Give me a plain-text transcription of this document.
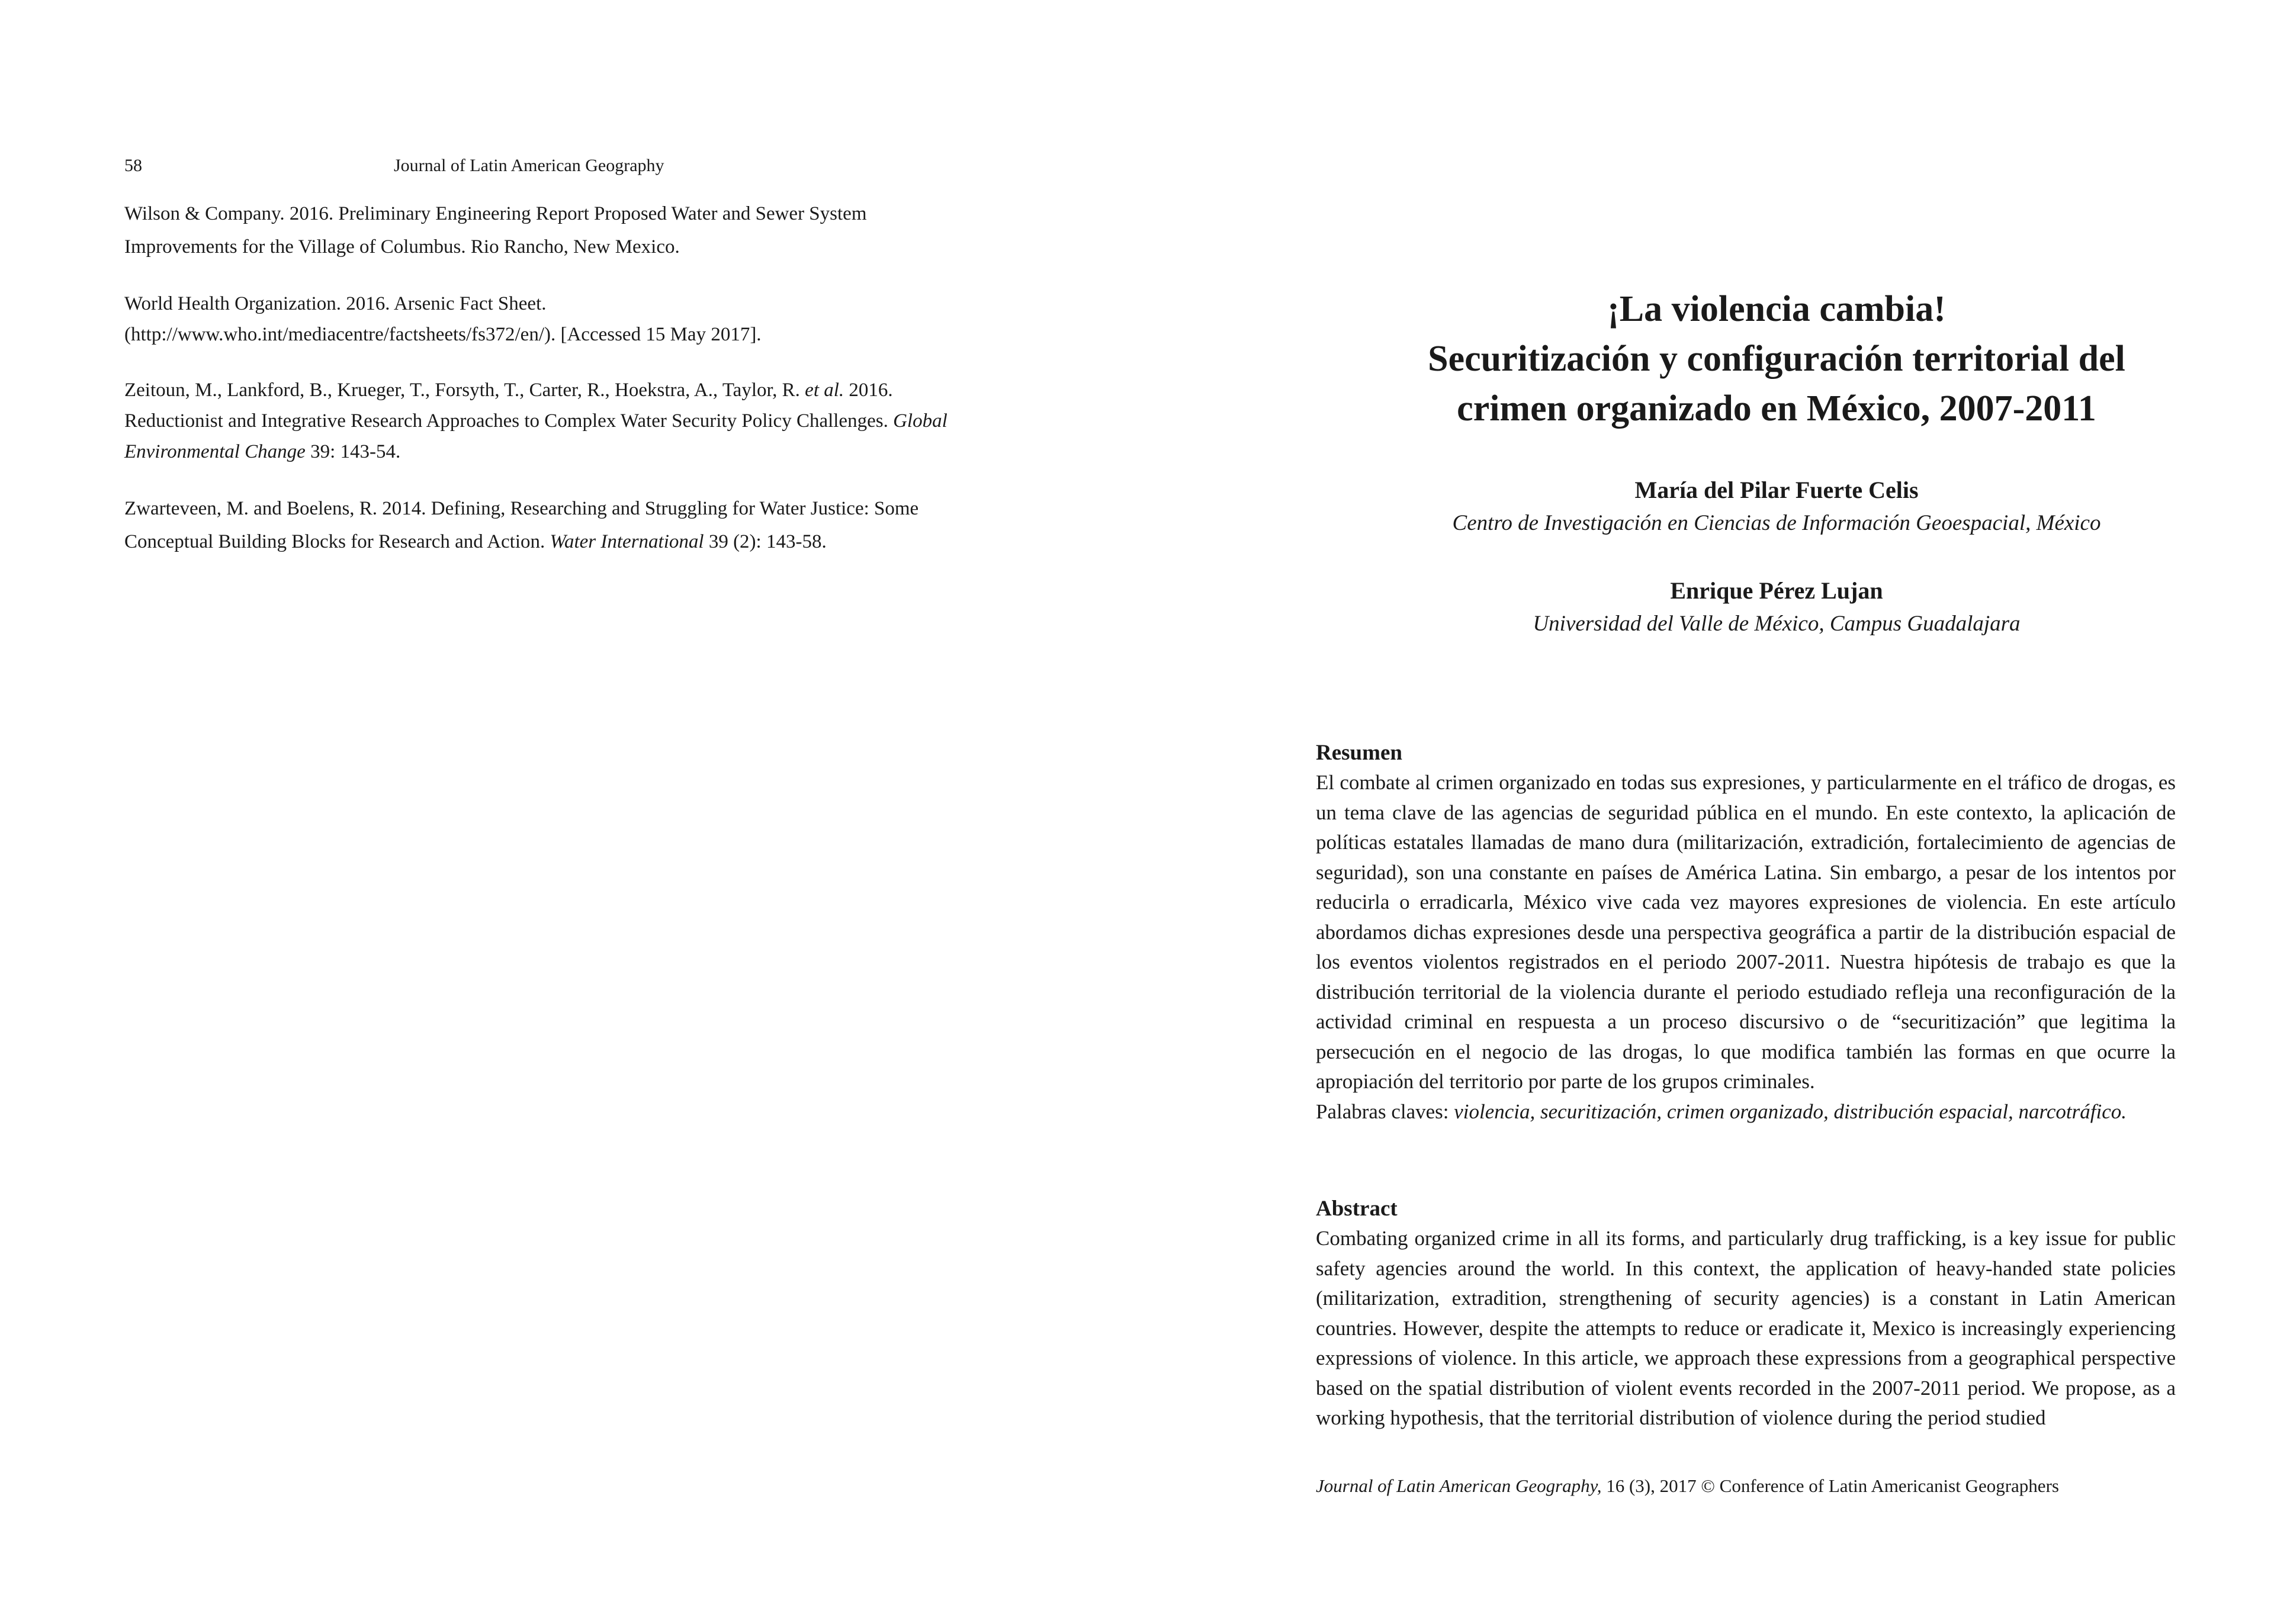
58	Journal of Latin American Geography
Wilson & Company. 2016. Preliminary Engineering Report Proposed Water and Sewer System Improvements for the Village of Columbus. Rio Rancho, New Mexico.
World Health Organization. 2016. Arsenic Fact Sheet. (http://www.who.int/mediacentre/factsheets/fs372/en/). [Accessed 15 May 2017].
Zeitoun, M., Lankford, B., Krueger, T., Forsyth, T., Carter, R., Hoekstra, A., Taylor, R. et al. 2016. Reductionist and Integrative Research Approaches to Complex Water Security Policy Challenges. Global Environmental Change 39: 143-54.
Zwarteveen, M. and Boelens, R. 2014. Defining, Researching and Struggling for Water Justice: Some Conceptual Building Blocks for Research and Action. Water International 39 (2): 143-58.
¡La violencia cambia!
Securitización y configuración territorial del
crimen organizado en México, 2007-2011
María del Pilar Fuerte Celis
Centro de Investigación en Ciencias de Información Geoespacial, México
Enrique Pérez Lujan
Universidad del Valle de México, Campus Guadalajara
Resumen
El combate al crimen organizado en todas sus expresiones, y particularmente en el tráfico de drogas, es un tema clave de las agencias de seguridad pública en el mundo. En este contexto, la aplicación de políticas estatales llamadas de mano dura (militarización, extradición, fortalecimiento de agencias de seguridad), son una constante en países de América Latina. Sin embargo, a pesar de los intentos por reducirla o erradicarla, México vive cada vez mayores expresiones de violencia. En este artículo abordamos dichas expresiones desde una perspectiva geográfica a partir de la distribución espacial de los eventos violentos registrados en el periodo 2007-2011. Nuestra hipótesis de trabajo es que la distribución territorial de la violencia durante el periodo estudiado refleja una reconfiguración de la actividad criminal en respuesta a un proceso discursivo o de “securitización” que legitima la persecución en el negocio de las drogas, lo que modifica también las formas en que ocurre la apropiación del territorio por parte de los grupos criminales.
Palabras claves: violencia, securitización, crimen organizado, distribución espacial, narcotráfico.
Abstract
Combating organized crime in all its forms, and particularly drug trafficking, is a key issue for public safety agencies around the world. In this context, the application of heavy-handed state policies (militarization, extradition, strengthening of security agencies) is a constant in Latin American countries. However, despite the attempts to reduce or eradicate it, Mexico is increasingly experiencing expressions of violence. In this article, we approach these expressions from a geographical perspective based on the spatial distribution of violent events recorded in the 2007-2011 period. We propose, as a working hypothesis, that the territorial distribution of violence during the period studied
Journal of Latin American Geography, 16 (3), 2017 © Conference of Latin Americanist Geographers
